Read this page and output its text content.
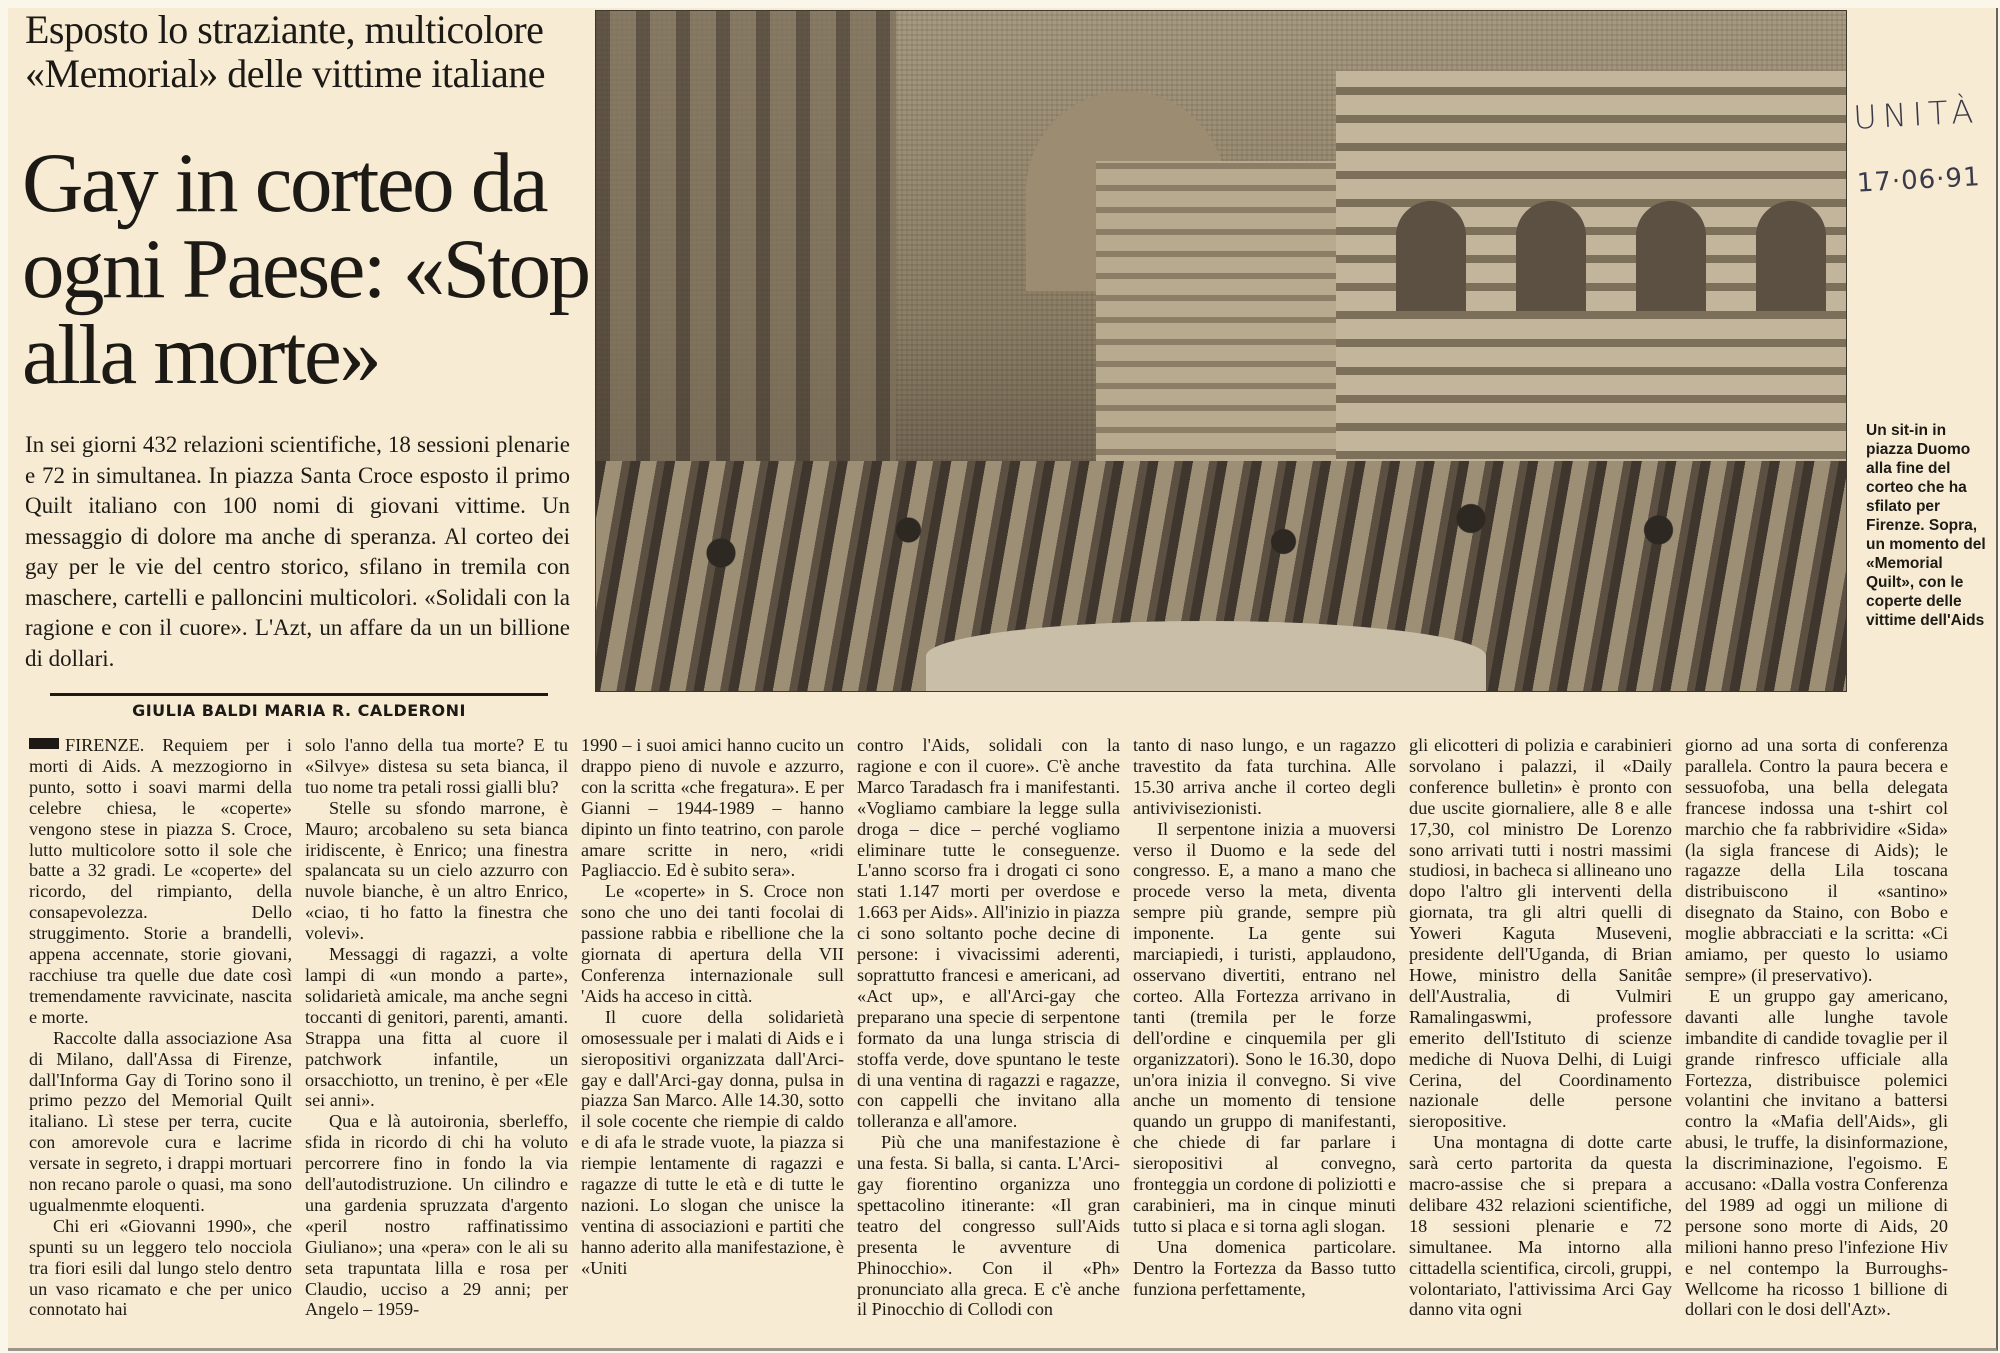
Esposto lo straziante, multicolore «Memorial» delle vittime italiane
Gay in corteo da ogni Paese: «Stop alla morte»
In sei giorni 432 relazioni scientifiche, 18 sessioni plenarie e 72 in simultanea. In piazza Santa Croce esposto il primo Quilt italiano con 100 nomi di giovani vittime. Un messaggio di dolore ma anche di speranza. Al corteo dei gay per le vie del centro storico, sfilano in tremila con maschere, cartelli e palloncini multicolori. «Solidali con la ragione e con il cuore». L'Azt, un affare da un un billione di dollari.
GIULIA BALDI MARIA R. CALDERONI
UNITÀ
17·06·91
Un sit-in in piazza Duomo alla fine del corteo che ha sfilato per Firenze. Sopra, un momento del «Memorial Quilt», con le coperte delle vittime dell'Aids

FIRENZE. Requiem per i morti di Aids. A mezzogiorno in punto, sotto i soavi marmi della celebre chiesa, le «coperte» vengono stese in piazza S. Croce, lutto multicolore sotto il sole che batte a 32 gradi. Le «coperte» del ricordo, del rimpianto, della consapevolezza. Dello struggimento. Storie a brandelli, appena accennate, storie giovani, racchiuse tra quelle due date così tremendamente ravvicinate, nascita e morte.

Raccolte dalla associazione Asa di Milano, dall'Assa di Firenze, dall'Informa Gay di Torino sono il primo pezzo del Memorial Quilt italiano. Lì stese per terra, cucite con amorevole cura e lacrime versate in segreto, i drappi mortuari non recano parole o quasi, ma sono ugualmenmte eloquenti.

Chi eri «Giovanni 1990», che spunti su un leggero telo nocciola tra fiori esili dal lungo stelo dentro un vaso ricamato e che per unico connotato hai

solo l'anno della tua morte? E tu «Silvye» distesa su seta bianca, il tuo nome tra petali rossi gialli blu?

Stelle su sfondo marrone, è Mauro; arcobaleno su seta bianca iridiscente, è Enrico; una finestra spalancata su un cielo azzurro con nuvole bianche, è un altro Enrico, «ciao, ti ho fatto la finestra che volevi».

Messaggi di ragazzi, a volte lampi di «un mondo a parte», solidarietà amicale, ma anche segni toccanti di genitori, parenti, amanti. Strappa una fitta al cuore il patchwork infantile, un orsacchiotto, un trenino, è per «Ele sei anni».

Qua e là autoironia, sberleffo, sfida in ricordo di chi ha voluto percorrere fino in fondo la via dell'autodistruzione. Un cilindro e una gardenia spruzzata d'argento «peril nostro raffinatissimo Giuliano»; una «pera» con le ali su seta trapuntata lilla e rosa per Claudio, ucciso a 29 anni; per Angelo – 1959-

1990 – i suoi amici hanno cucito un drappo pieno di nuvole e azzurro, con la scritta «che fregatura». E per Gianni – 1944-1989 – hanno dipinto un finto teatrino, con parole amare scritte in nero, «ridi Pagliaccio. Ed è subito sera».

Le «coperte» in S. Croce non sono che uno dei tanti focolai di passione rabbia e ribellione che la giornata di apertura della VII Conferenza internazionale sull 'Aids ha acceso in città.

Il cuore della solidarietà omosessuale per i malati di Aids e i sieropositivi organizzata dall'Arci-gay e dall'Arci-gay donna, pulsa in piazza San Marco. Alle 14.30, sotto il sole cocente che riempie di caldo e di afa le strade vuote, la piazza si riempie lentamente di ragazzi e ragazze di tutte le età e di tutte le nazioni. Lo slogan che unisce la ventina di associazioni e partiti che hanno aderito alla manifestazione, è «Uniti

contro l'Aids, solidali con la ragione e con il cuore». C'è anche Marco Taradasch fra i manifestanti. «Vogliamo cambiare la legge sulla droga – dice – perché vogliamo eliminare tutte le conseguenze. L'anno scorso fra i drogati ci sono stati 1.147 morti per overdose e 1.663 per Aids». All'inizio in piazza ci sono soltanto poche decine di persone: i vivacissimi aderenti, soprattutto francesi e americani, ad «Act up», e all'Arci-gay che preparano una specie di serpentone formato da una lunga striscia di stoffa verde, dove spuntano le teste di una ventina di ragazzi e ragazze, con cappelli che invitano alla tolleranza e all'amore.

Più che una manifestazione è una festa. Si balla, si canta. L'Arci-gay fiorentino organizza uno spettacolino itinerante: «Il gran teatro del congresso sull'Aids presenta le avventure di Phinocchio». Con il «Ph» pronunciato alla greca. E c'è anche il Pinocchio di Collodi con

tanto di naso lungo, e un ragazzo travestito da fata turchina. Alle 15.30 arriva anche il corteo degli antivivisezionisti.

Il serpentone inizia a muoversi verso il Duomo e la sede del congresso. E, a mano a mano che procede verso la meta, diventa sempre più grande, sempre più imponente. La gente sui marciapiedi, i turisti, applaudono, osservano divertiti, entrano nel corteo. Alla Fortezza arrivano in tanti (tremila per le forze dell'ordine e cinquemila per gli organizzatori). Sono le 16.30, dopo un'ora inizia il convegno. Si vive anche un momento di tensione quando un gruppo di manifestanti, che chiede di far parlare i sieropositivi al convegno, fronteggia un cordone di poliziotti e carabinieri, ma in cinque minuti tutto si placa e si torna agli slogan.

Una domenica particolare. Dentro la Fortezza da Basso tutto funziona perfettamente,

gli elicotteri di polizia e carabinieri sorvolano i palazzi, il «Daily conference bulletin» è pronto con due uscite giornaliere, alle 8 e alle 17,30, col ministro De Lorenzo sono arrivati tutti i nostri massimi studiosi, in bacheca si allineano uno dopo l'altro gli interventi della giornata, tra gli altri quelli di Yoweri Kaguta Museveni, presidente dell'Uganda, di Brian Howe, ministro della Sanitâe dell'Australia, di Vulmiri Ramalingaswmi, professore emerito dell'Istituto di scienze mediche di Nuova Delhi, di Luigi Cerina, del Coordinamento nazionale delle persone sieropositive.

Una montagna di dotte carte sarà certo partorita da questa macro-assise che si prepara a delibare 432 relazioni scientifiche, 18 sessioni plenarie e 72 simultanee. Ma intorno alla cittadella scientifica, circoli, gruppi, volontariato, l'attivissima Arci Gay danno vita ogni

giorno ad una sorta di conferenza parallela. Contro la paura becera e sessuofoba, una bella delegata francese indossa una t-shirt col marchio che fa rabbrividire «Sida» (la sigla francese di Aids); le ragazze della Lila toscana distribuiscono il «santino» disegnato da Staino, con Bobo e moglie abbracciati e la scritta: «Ci amiamo, per questo lo usiamo sempre» (il preservativo).

E un gruppo gay americano, davanti alle lunghe tavole imbandite di candide tovaglie per il grande rinfresco ufficiale alla Fortezza, distribuisce polemici volantini che invitano a battersi contro la «Mafia dell'Aids», gli abusi, le truffe, la disinformazione, la discriminazione, l'egoismo. E accusano: «Dalla vostra Conferenza del 1989 ad oggi un milione di persone sono morte di Aids, 20 milioni hanno preso l'infezione Hiv e nel contempo la Burroughs-Wellcome ha ricosso 1 billione di dollari con le dosi dell'Azt».
